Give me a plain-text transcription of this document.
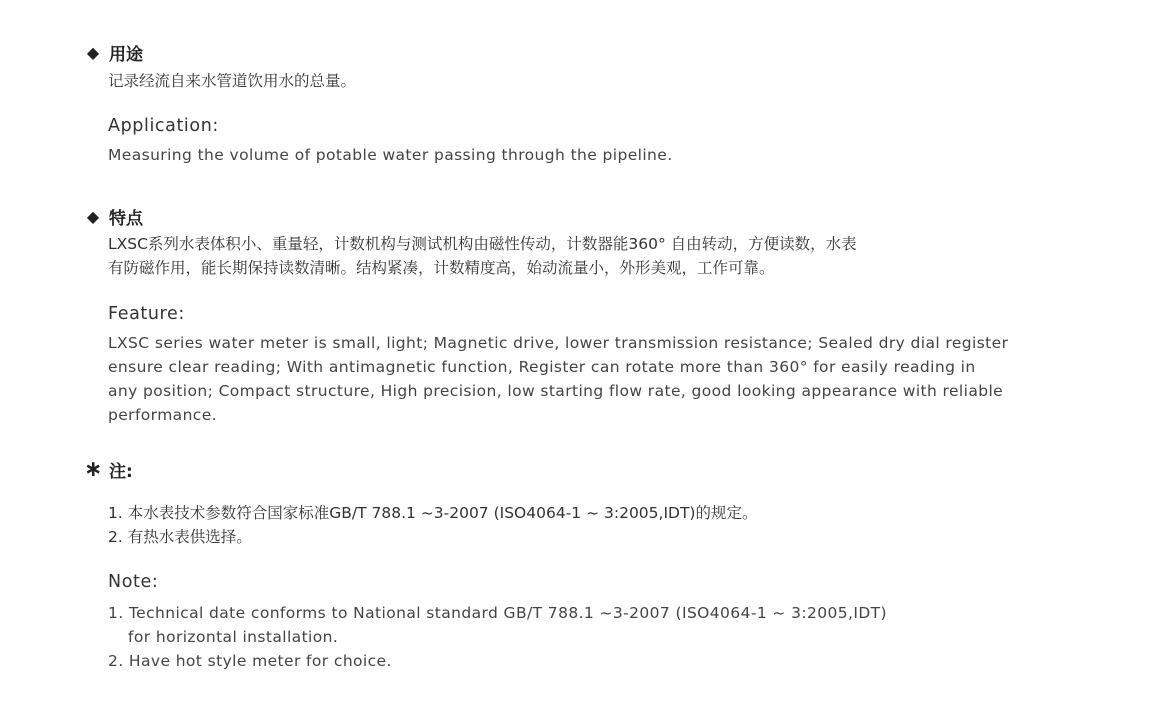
◆ 用途
记录经流自来水管道饮用水的总量。
Application:
Measuring the volume of potable water passing through the pipeline.
◆ 特点
LXSC系列水表体积小、重量轻，计数机构与测试机构由磁性传动，计数器能360° 自由转动，方便读数，水表
有防磁作用，能长期保持读数清晰。结构紧凑，计数精度高，始动流量小，外形美观，工作可靠。
Feature:
LXSC series water meter is small, light; Magnetic drive, lower transmission resistance; Sealed dry dial register
ensure clear reading; With antimagnetic function, Register can rotate more than 360° for easily reading in
any position; Compact structure, High precision, low starting flow rate, good looking appearance with reliable
performance.
∗ 注:
1. 本水表技术参数符合国家标准GB/T 788.1 ~3-2007 (ISO4064-1 ~ 3:2005,IDT)的规定。
2. 有热水表供选择。
Note:
1. Technical date conforms to National standard GB/T 788.1 ~3-2007 (ISO4064-1 ~ 3:2005,IDT)
for horizontal installation.
2. Have hot style meter for choice.
